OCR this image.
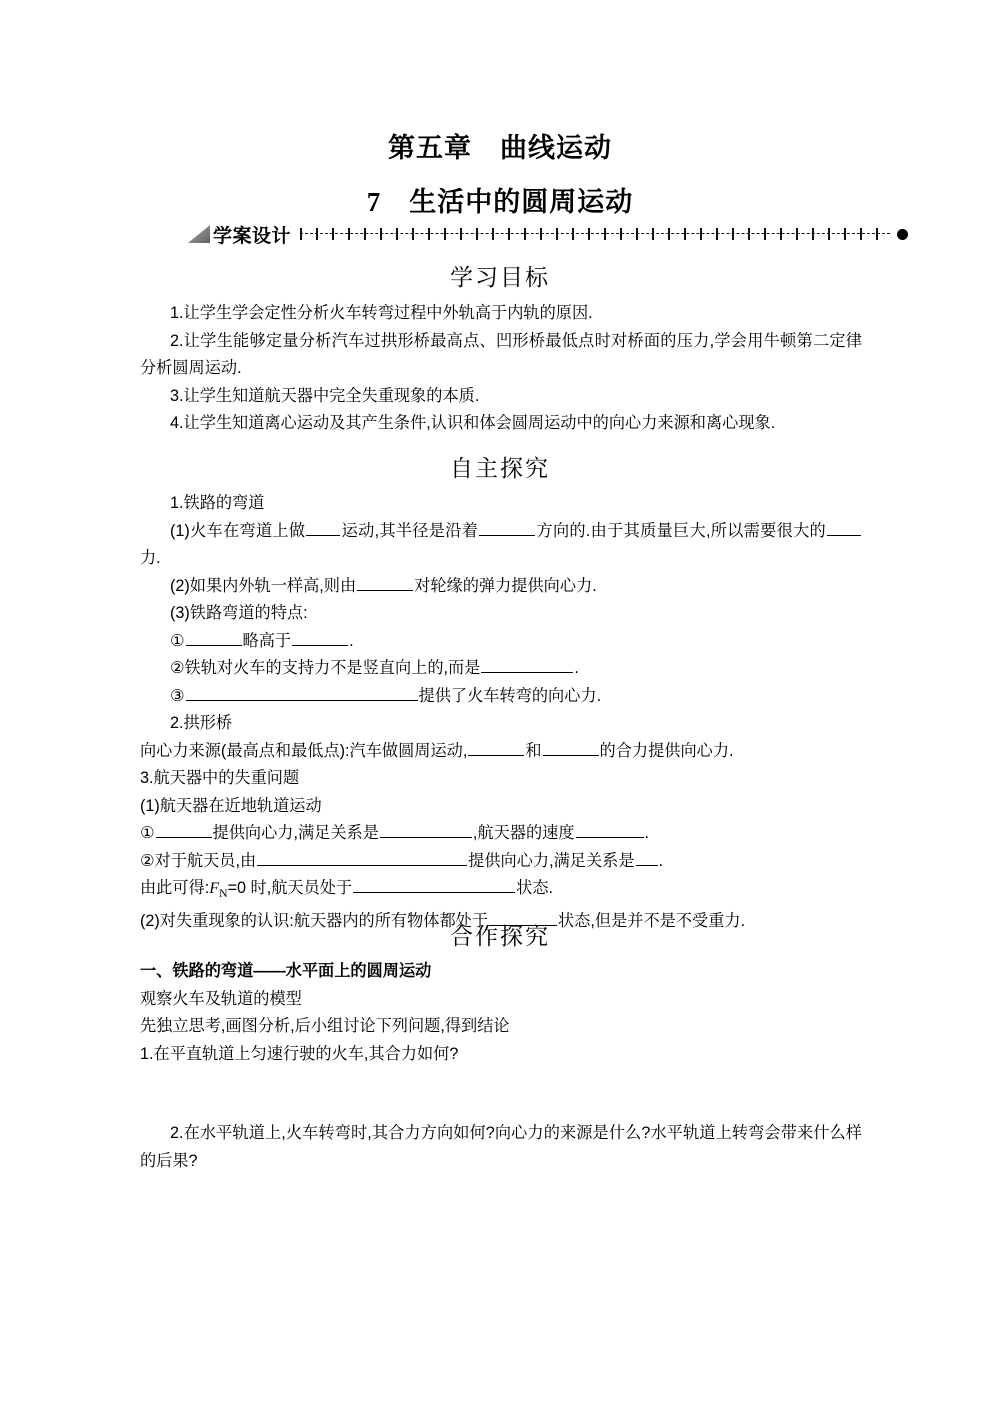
第五章　曲线运动
7　生活中的圆周运动
学案设计
学习目标

1.让学生学会定性分析火车转弯过程中外轨高于内轨的原因.

2.让学生能够定量分析汽车过拱形桥最高点、凹形桥最低点时对桥面的压力,学会用牛顿第二定律分析圆周运动.

3.让学生知道航天器中完全失重现象的本质.

4.让学生知道离心运动及其产生条件,认识和体会圆周运动中的向心力来源和离心现象.

自主探究

1.铁路的弯道

(1)火车在弯道上做 运动,其半径是沿着	方向的.由于其质量巨大,所以需要很大的力.

(2)如果内外轨一样高,则由	对轮缘的弹力提供向心力.

(3)铁路弯道的特点:

①	略高于	.

②铁轨对火车的支持力不是竖直向上的,而是	.

③	提供了火车转弯的向心力.

2.拱形桥

向心力来源(最高点和最低点):汽车做圆周运动,	和	的合力提供向心力.

3.航天器中的失重问题

(1)航天器在近地轨道运动

①	提供向心力,满足关系是	,航天器的速度	.

②对于航天员,由	提供向心力,满足关系是 .

由此可得$:F_N=0$ 时,航天员处于	状态.

(2)对失重现象的认识:航天器内的所有物体都处于	状态,但是并不是不受重力.

合作探究

一、铁路的弯道——水平面上的圆周运动

观察火车及轨道的模型

先独立思考,画图分析,后小组讨论下列问题,得到结论

1.在平直轨道上匀速行驶的火车,其合力如何?

2.在水平轨道上,火车转弯时,其合力方向如何?向心力的来源是什么?水平轨道上转弯会带来什么样的后果?
